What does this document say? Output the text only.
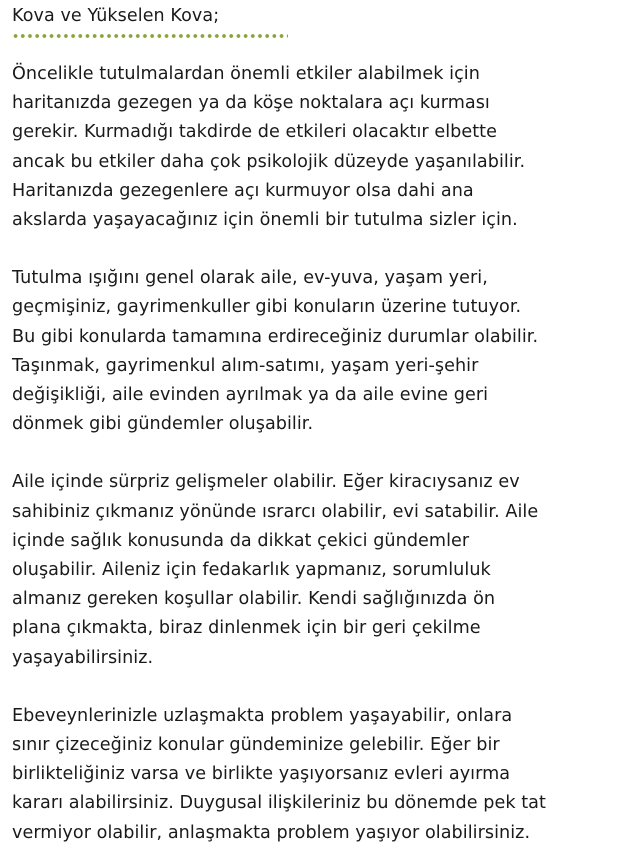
Kova ve Yükselen Kova;

Öncelikle tutulmalardan önemli etkiler alabilmek için
haritanızda gezegen ya da köşe noktalara açı kurması
gerekir. Kurmadığı takdirde de etkileri olacaktır elbette
ancak bu etkiler daha çok psikolojik düzeyde yaşanılabilir.
Haritanızda gezegenlere açı kurmuyor olsa dahi ana
akslarda yaşayacağınız için önemli bir tutulma sizler için.

Tutulma ışığını genel olarak aile, ev-yuva, yaşam yeri,
geçmişiniz, gayrimenkuller gibi konuların üzerine tutuyor.
Bu gibi konularda tamamına erdireceğiniz durumlar olabilir.
Taşınmak, gayrimenkul alım-satımı, yaşam yeri-şehir
değişikliği, aile evinden ayrılmak ya da aile evine geri
dönmek gibi gündemler oluşabilir.

Aile içinde sürpriz gelişmeler olabilir. Eğer kiracıysanız ev
sahibiniz çıkmanız yönünde ısrarcı olabilir, evi satabilir. Aile
içinde sağlık konusunda da dikkat çekici gündemler
oluşabilir. Aileniz için fedakarlık yapmanız, sorumluluk
almanız gereken koşullar olabilir. Kendi sağlığınızda ön
plana çıkmakta, biraz dinlenmek için bir geri çekilme
yaşayabilirsiniz.

Ebeveynlerinizle uzlaşmakta problem yaşayabilir, onlara
sınır çizeceğiniz konular gündeminize gelebilir. Eğer bir
birlikteliğiniz varsa ve birlikte yaşıyorsanız evleri ayırma
kararı alabilirsiniz. Duygusal ilişkileriniz bu dönemde pek tat
vermiyor olabilir, anlaşmakta problem yaşıyor olabilirsiniz.
